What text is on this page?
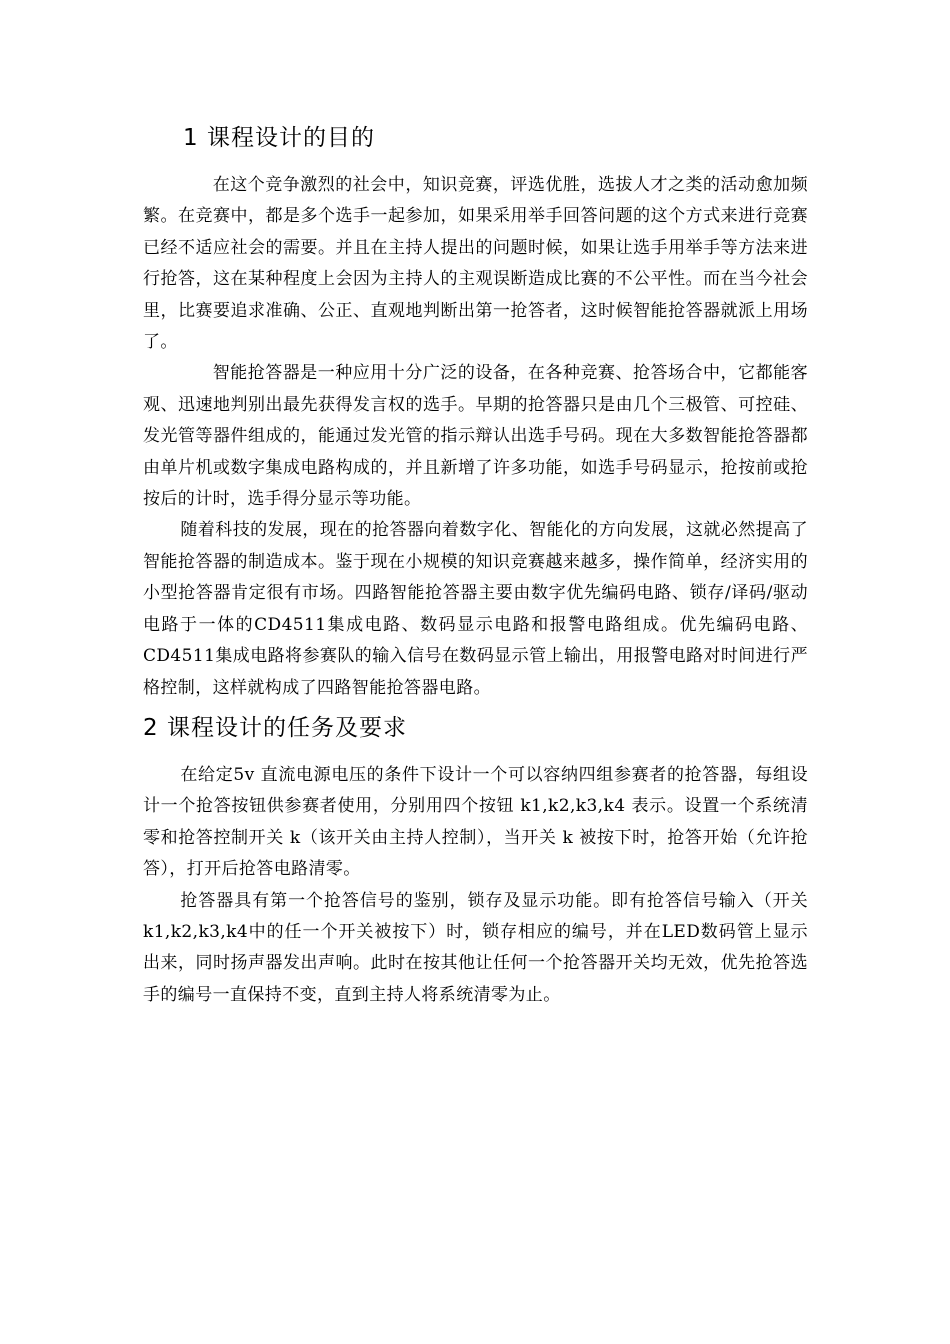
1 课程设计的目的

在这个竞争激烈的社会中，知识竞赛，评选优胜，选拔人才之类的活动愈加频繁。在竞赛中，都是多个选手一起参加，如果采用举手回答问题的这个方式来进行竞赛已经不适应社会的需要。并且在主持人提出的问题时候，如果让选手用举手等方法来进行抢答，这在某种程度上会因为主持人的主观误断造成比赛的不公平性。而在当今社会里，比赛要追求准确、公正、直观地判断出第一抢答者，这时候智能抢答器就派上用场了。

智能抢答器是一种应用十分广泛的设备，在各种竞赛、抢答场合中，它都能客观、迅速地判别出最先获得发言权的选手。早期的抢答器只是由几个三极管、可控硅、发光管等器件组成的，能通过发光管的指示辩认出选手号码。现在大多数智能抢答器都由单片机或数字集成电路构成的，并且新增了许多功能，如选手号码显示，抢按前或抢按后的计时，选手得分显示等功能。

随着科技的发展，现在的抢答器向着数字化、智能化的方向发展，这就必然提高了智能抢答器的制造成本。鉴于现在小规模的知识竞赛越来越多，操作简单，经济实用的小型抢答器肯定很有市场。四路智能抢答器主要由数字优先编码电路、锁存/译码/驱动电路于一体的CD4511集成电路、数码显示电路和报警电路组成。优先编码电路、CD4511集成电路将参赛队的输入信号在数码显示管上输出，用报警电路对时间进行严格控制，这样就构成了四路智能抢答器电路。

2 课程设计的任务及要求

在给定5v 直流电源电压的条件下设计一个可以容纳四组参赛者的抢答器，每组设计一个抢答按钮供参赛者使用，分别用四个按钮 k1,k2,k3,k4 表示。设置一个系统清零和抢答控制开关 k（该开关由主持人控制），当开关 k 被按下时，抢答开始（允许抢答），打开后抢答电路清零。

抢答器具有第一个抢答信号的鉴别，锁存及显示功能。即有抢答信号输入（开关k1,k2,k3,k4中的任一个开关被按下）时，锁存相应的编号，并在LED数码管上显示出来，同时扬声器发出声响。此时在按其他让任何一个抢答器开关均无效，优先抢答选手的编号一直保持不变，直到主持人将系统清零为止。
